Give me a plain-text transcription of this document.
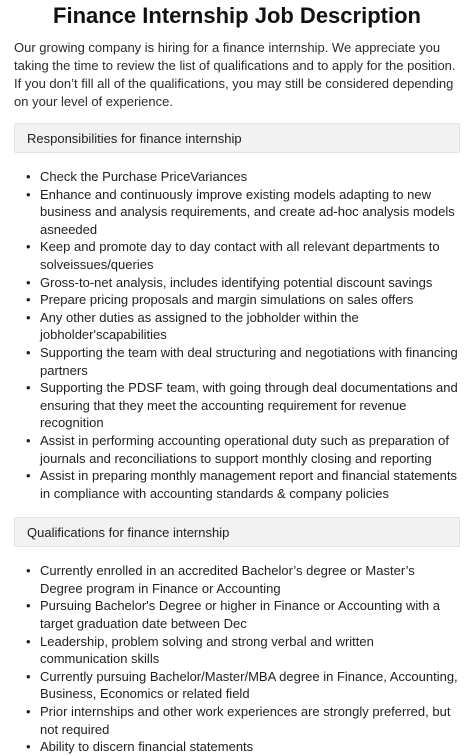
Finance Internship Job Description

Our growing company is hiring for a finance internship. We appreciate you taking the time to review the list of qualifications and to apply for the position. If you don’t fill all of the qualifications, you may still be considered depending on your level of experience.

Responsibilities for finance internship
• Check the Purchase PriceVariances
• Enhance and continuously improve existing models adapting to new business and analysis requirements, and create ad-hoc analysis models asneeded
• Keep and promote day to day contact with all relevant departments to solveissues/queries
• Gross-to-net analysis, includes identifying potential discount savings
• Prepare pricing proposals and margin simulations on sales offers
• Any other duties as assigned to the jobholder within the jobholder'scapabilities
• Supporting the team with deal structuring and negotiations with financing partners
• Supporting the PDSF team, with going through deal documentations and ensuring that they meet the accounting requirement for revenue recognition
• Assist in performing accounting operational duty such as preparation of journals and reconciliations to support monthly closing and reporting
• Assist in preparing monthly management report and financial statements in compliance with accounting standards & company policies
Qualifications for finance internship
• Currently enrolled in an accredited Bachelor’s degree or Master’s Degree program in Finance or Accounting
• Pursuing Bachelor's Degree or higher in Finance or Accounting with a target graduation date between Dec
• Leadership, problem solving and strong verbal and written communication skills
• Currently pursuing Bachelor/Master/MBA degree in Finance, Accounting, Business, Economics or related field
• Prior internships and other work experiences are strongly preferred, but not required
• Ability to discern financial statements
